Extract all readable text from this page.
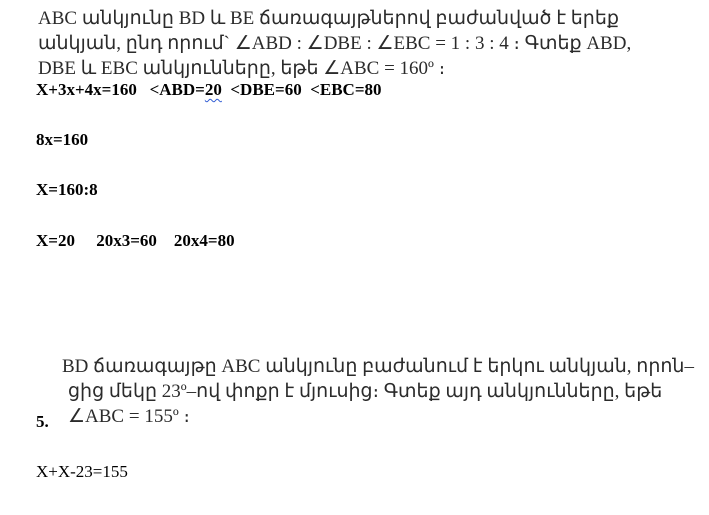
ABC անկյունը BD և BE ճառագայթներով բաժանված է երեք
անկյան, ընդ որում` ∠ABD : ∠DBE : ∠EBC = 1 : 3 : 4 ։ Գտեք ABD,
DBE և EBC անկյունները, եթե ∠ABC = 160º ։
X+3x+4x=160   <ABD=20  <DBE=60  <EBC=80
8x=160
X=160:8
X=20     20x3=60    20x4=80
BD ճառագայթը ABC անկյունը բաժանում է երկու անկյան, որոն–
ցից մեկը 23º–ով փոքր է մյուսից։ Գտեք այդ անկյունները, եթե
∠ABC = 155º ։
5.
X+X-23=155
